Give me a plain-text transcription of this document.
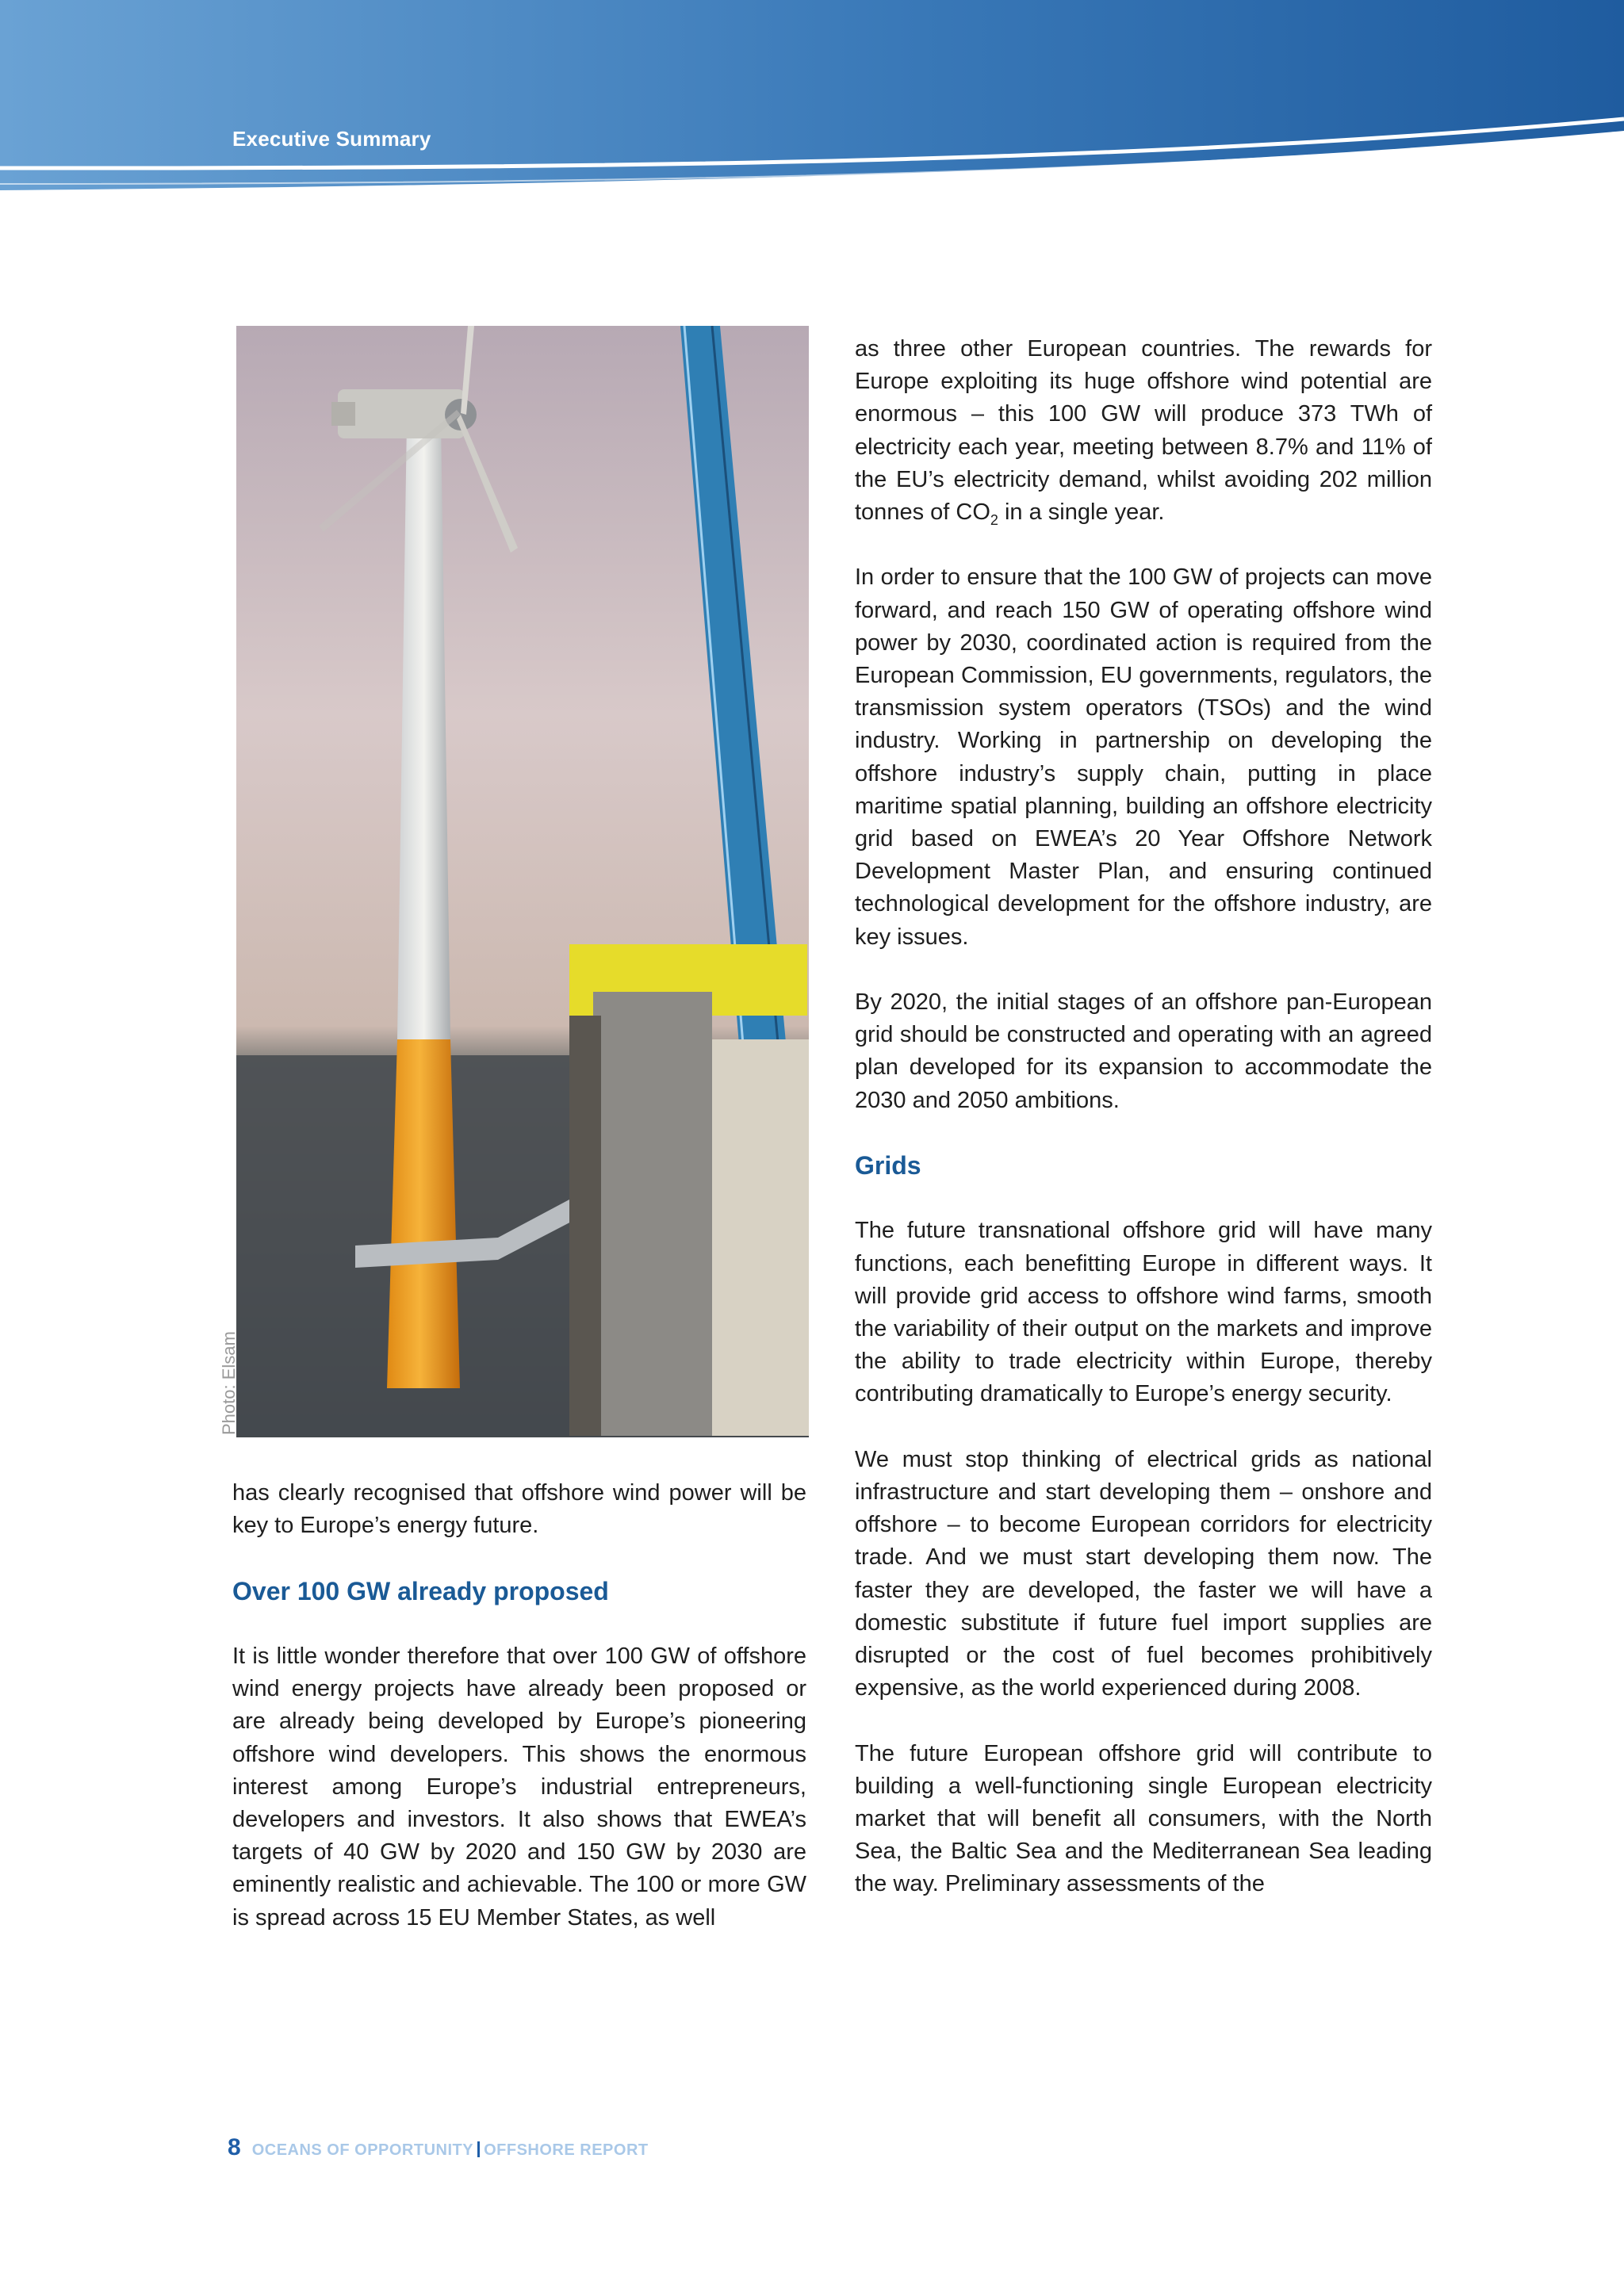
Executive Summary
Photo: Elsam

has clearly recognised that offshore wind power will be key to Europe’s energy future.

Over 100 GW already proposed

It is little wonder therefore that over 100 GW of offshore wind energy projects have already been proposed or are already being developed by Europe’s pioneering offshore wind developers. This shows the enormous interest among Europe’s industrial entrepreneurs, developers and investors. It also shows that EWEA’s targets of 40 GW by 2020 and 150 GW by 2030 are eminently realistic and achievable. The 100 or more GW is spread across 15 EU Member States, as well

as three other European countries. The rewards for Europe exploiting its huge offshore wind potential are enormous – this 100 GW will produce 373 TWh of electricity each year, meeting between 8.7% and 11% of the EU’s electricity demand, whilst avoiding 202 million tonnes of $CO_2$ in a single year.

In order to ensure that the 100 GW of projects can move forward, and reach 150 GW of operating offshore wind power by 2030, coordinated action is required from the European Commission, EU governments, regulators, the transmission system operators (TSOs) and the wind industry. Working in partnership on developing the offshore industry’s supply chain, putting in place maritime spatial planning, building an offshore electricity grid based on EWEA’s 20 Year Offshore Network Development Master Plan, and ensuring continued technological development for the offshore industry, are key issues.

By 2020, the initial stages of an offshore pan-European grid should be constructed and operating with an agreed plan developed for its expansion to accommodate the 2030 and 2050 ambitions.

Grids

The future transnational offshore grid will have many functions, each benefitting Europe in different ways. It will provide grid access to offshore wind farms, smooth the variability of their output on the markets and improve the ability to trade electricity within Europe, thereby contributing dramatically to Europe’s energy security.

We must stop thinking of electrical grids as national infrastructure and start developing them – onshore and offshore – to become European corridors for electricity trade. And we must start developing them now. The faster they are developed, the faster we will have a domestic substitute if future fuel import supplies are disrupted or the cost of fuel becomes prohibitively expensive, as the world experienced during 2008.

The future European offshore grid will contribute to building a well-functioning single European electricity market that will benefit all consumers, with the North Sea, the Baltic Sea and the Mediterranean Sea leading the way. Preliminary assessments of the

8 OCEANS OF OPPORTUNITY OFFSHORE REPORT
